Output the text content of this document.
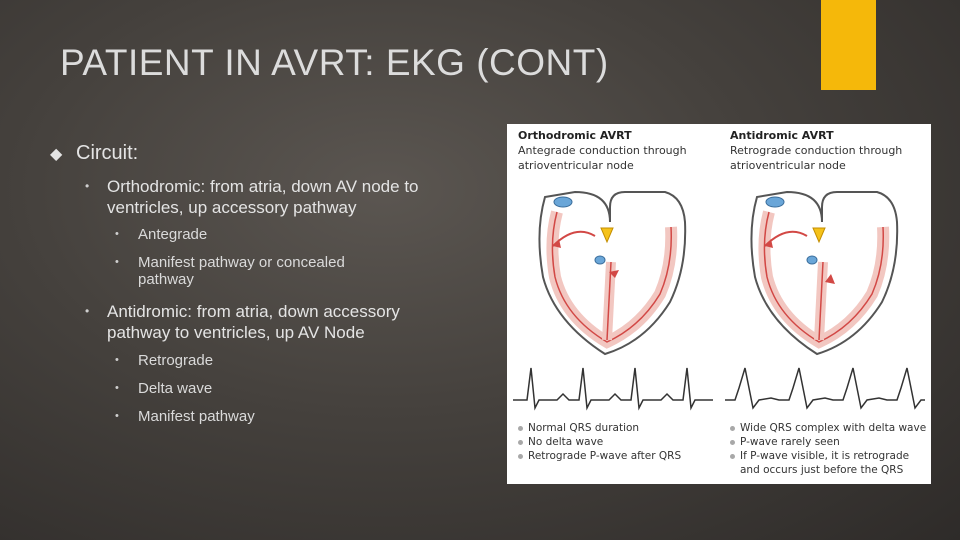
PATIENT IN AVRT: EKG (CONT)
◆ Circuit:
• Orthodromic: from atria, down AV node to ventricles, up accessory pathway
• Antegrade
• Manifest pathway or concealed pathway
• Antidromic: from atria, down accessory pathway to ventricles, up AV Node
• Retrograde
• Delta wave
• Manifest pathway
Orthodromic AVRT
Antegrade conduction through atrioventricular node
Normal QRS duration
No delta wave
Retrograde P-wave after QRS
Antidromic AVRT
Retrograde conduction through atrioventricular node
Wide QRS complex with delta wave
P-wave rarely seen
If P-wave visible, it is retrograde and occurs just before the QRS
